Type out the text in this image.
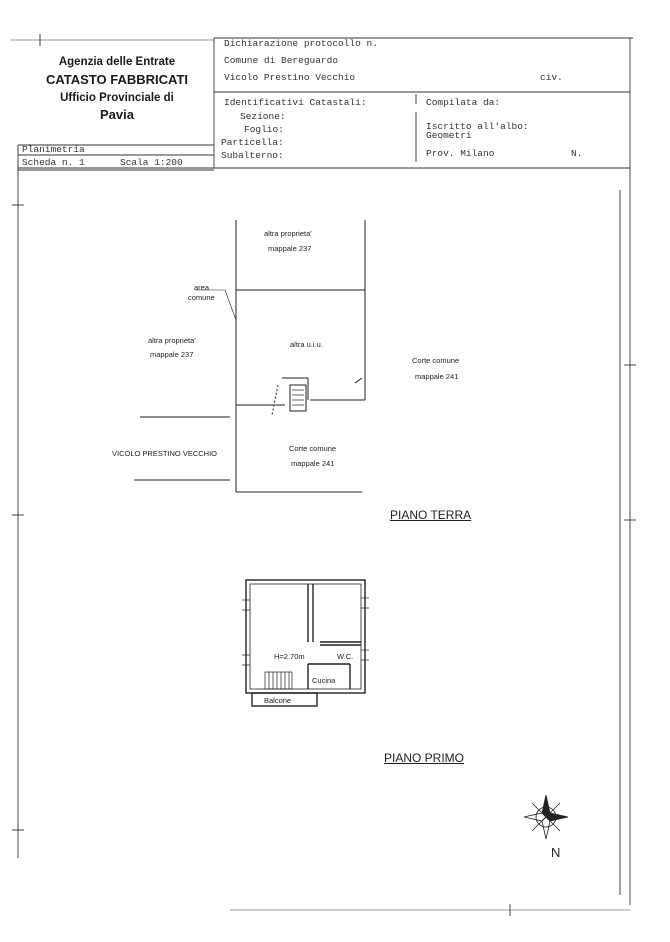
Agenzia delle Entrate
CATASTO FABBRICATI
Ufficio Provinciale di
Pavia
Dichiarazione protocollo n.
Comune di Bereguardo
Vicolo Prestino Vecchio	civ.
Identificativi Catastali:
Sezione:
Foglio:
Particella:
Subalterno:
Compilata da:
Iscritto all'albo:
Geometri
Prov. Milano	N.
Planimetria
Scheda n. 1	Scala 1:200
altra proprieta'
mappale 237
area
comune
altra proprieta'
mappale 237
altra u.i.u.
Corte comune
mappale 241
VICOLO PRESTINO VECCHIO
Corte comune
mappale 241
PIANO TERRA
H=2.70m	W.C.
Cucina
Balcone
PIANO PRIMO
N
